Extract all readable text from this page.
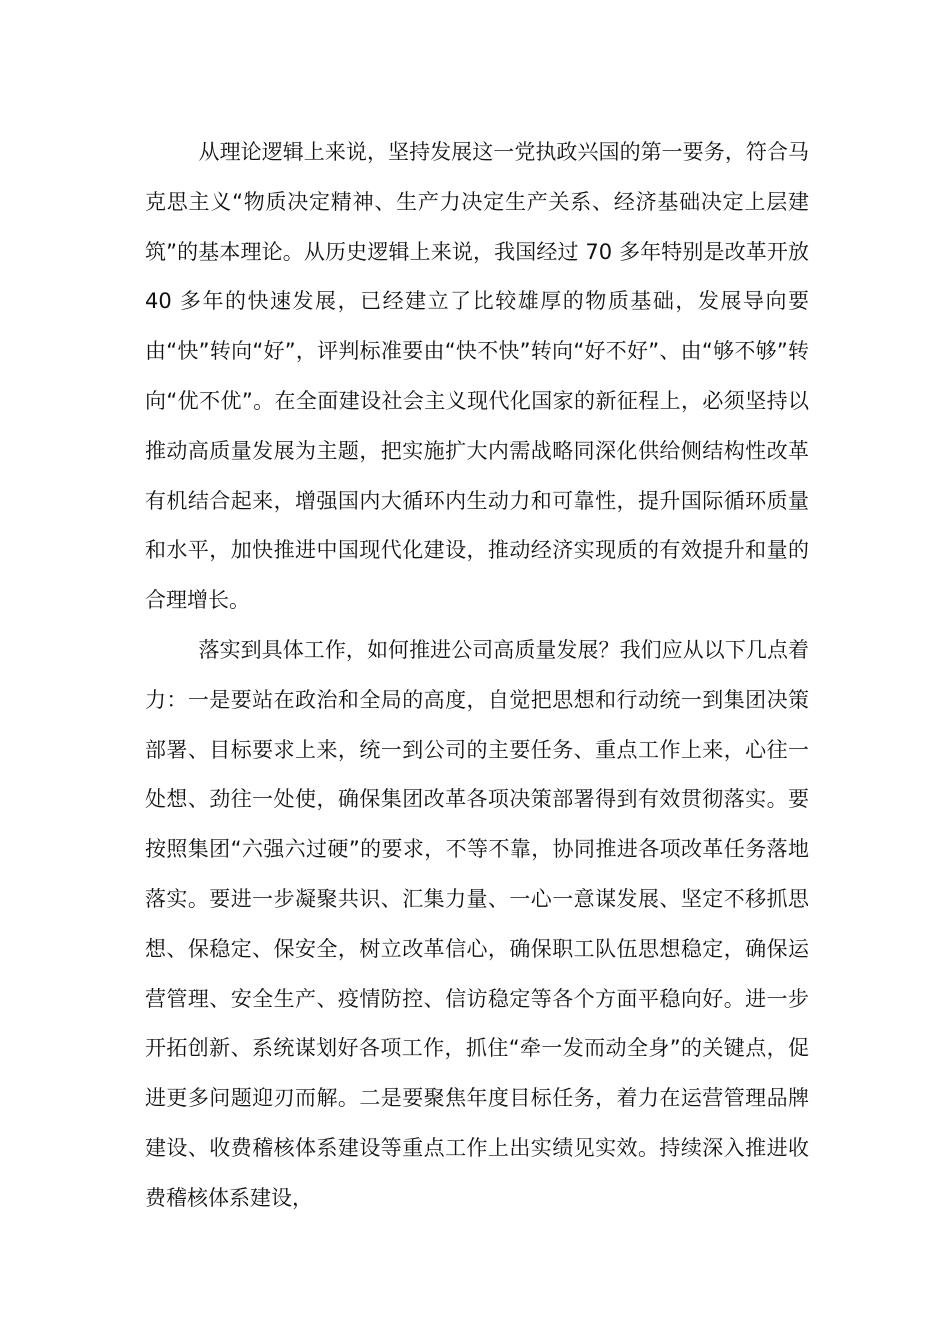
从理论逻辑上来说，坚持发展这一党执政兴国的第一要务，符合马克思主义“物质决定精神、生产力决定生产关系、经济基础决定上层建筑”的基本理论。从历史逻辑上来说，我国经过 70 多年特别是改革开放 40 多年的快速发展，已经建立了比较雄厚的物质基础，发展导向要由“快”转向“好”，评判标准要由“快不快”转向“好不好”、由“够不够”转向“优不优”。在全面建设社会主义现代化国家的新征程上，必须坚持以推动高质量发展为主题，把实施扩大内需战略同深化供给侧结构性改革有机结合起来，增强国内大循环内生动力和可靠性，提升国际循环质量和水平，加快推进中国现代化建设，推动经济实现质的有效提升和量的合理增长。

落实到具体工作，如何推进公司高质量发展？我们应从以下几点着力：一是要站在政治和全局的高度，自觉把思想和行动统一到集团决策部署、目标要求上来，统一到公司的主要任务、重点工作上来，心往一处想、劲往一处使，确保集团改革各项决策部署得到有效贯彻落实。要按照集团“六强六过硬”的要求，不等不靠，协同推进各项改革任务落地落实。要进一步凝聚共识、汇集力量、一心一意谋发展、坚定不移抓思想、保稳定、保安全，树立改革信心，确保职工队伍思想稳定，确保运营管理、安全生产、疫情防控、信访稳定等各个方面平稳向好。进一步开拓创新、系统谋划好各项工作，抓住“牵一发而动全身”的关键点，促进更多问题迎刃而解。二是要聚焦年度目标任务，着力在运营管理品牌建设、收费稽核体系建设等重点工作上出实绩见实效。持续深入推进收费稽核体系建设，
